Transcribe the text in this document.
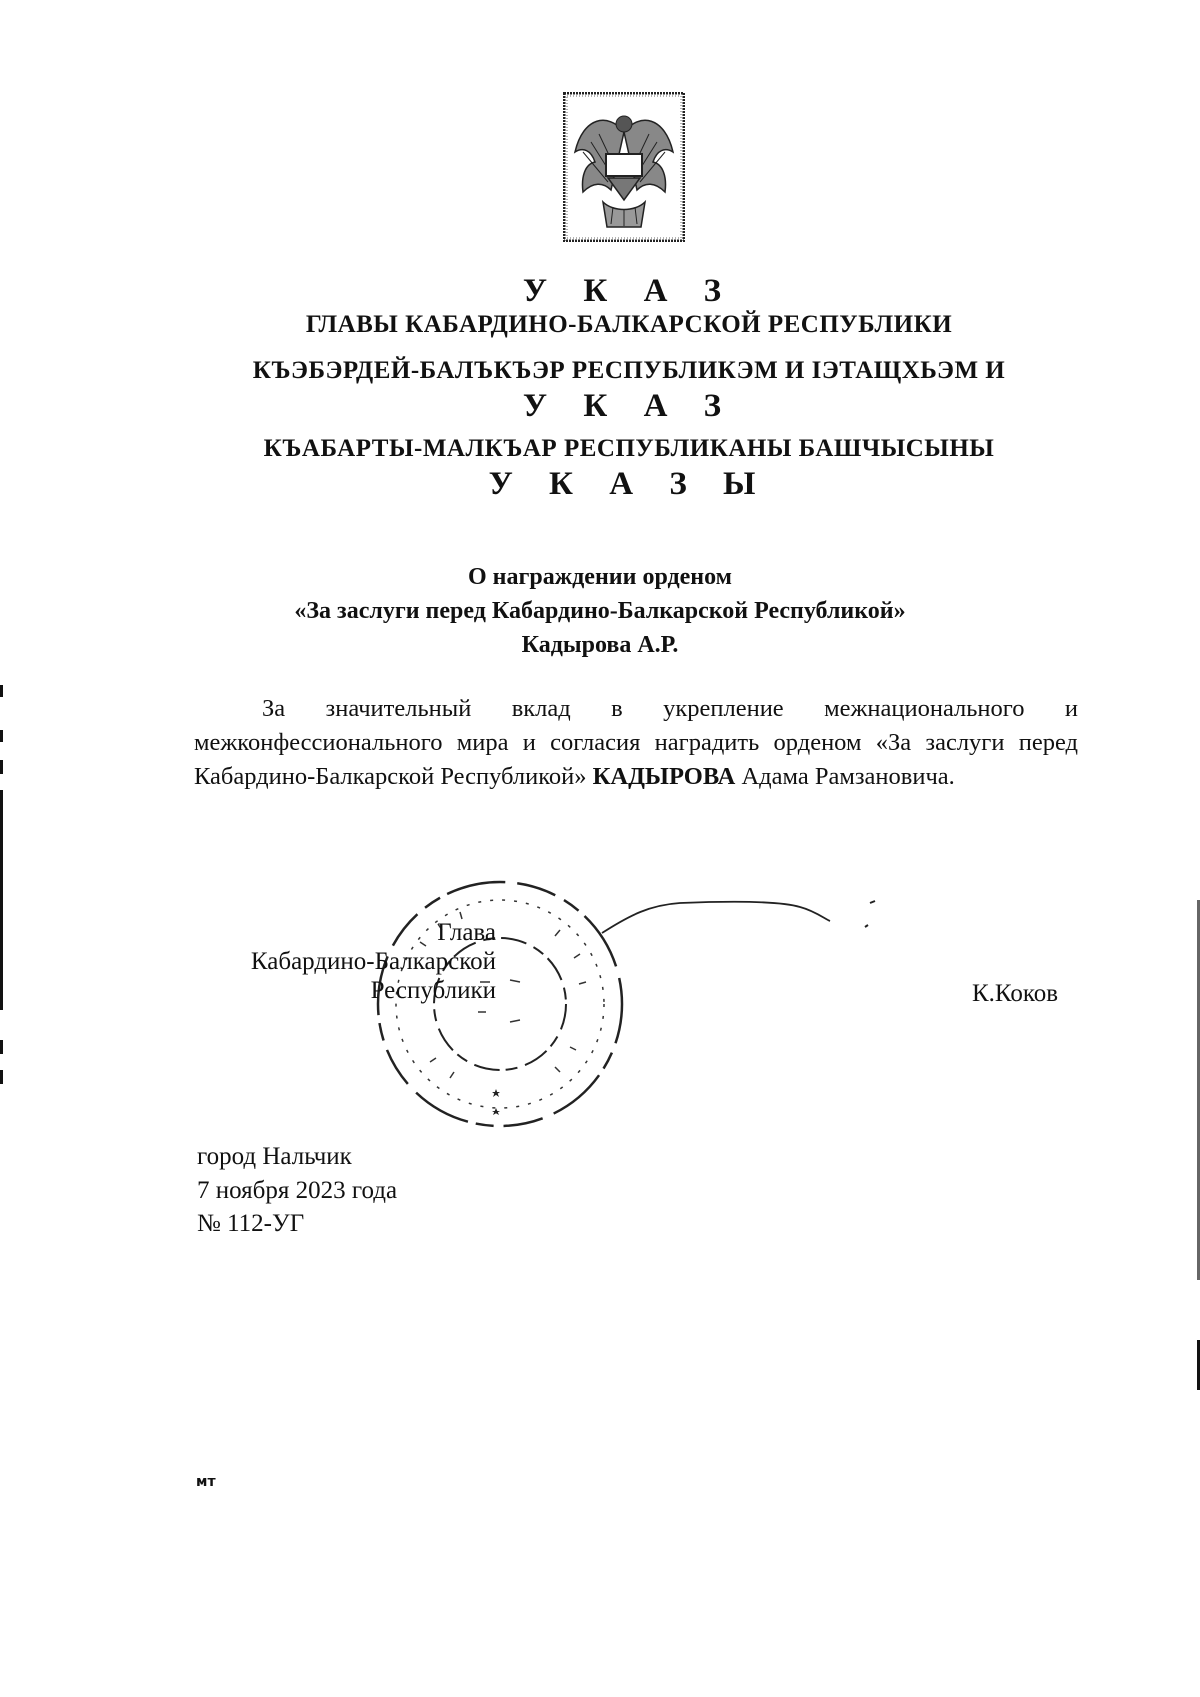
У К А З

ГЛАВЫ КАБАРДИНО-БАЛКАРСКОЙ РЕСПУБЛИКИ

КЪЭБЭРДЕЙ-БАЛЪКЪЭР РЕСПУБЛИКЭМ И ІЭТАЩХЬЭМ И

У К А З

КЪАБАРТЫ-МАЛКЪАР РЕСПУБЛИКАНЫ БАШЧЫСЫНЫ

У К А З Ы

О награждении орденом

«За заслуги перед Кабардино-Балкарской Республикой»

Кадырова А.Р.

За значительный вклад в укрепление межнационального и межконфессионального мира и согласия наградить орденом «За заслуги перед Кабардино-Балкарской Республикой» КАДЫРОВА Адама Рамзановича.

Глава
Кабардино-Балкарской
Республики	К.Коков

город Нальчик

7 ноября 2023 года

№ 112-УГ

мт
